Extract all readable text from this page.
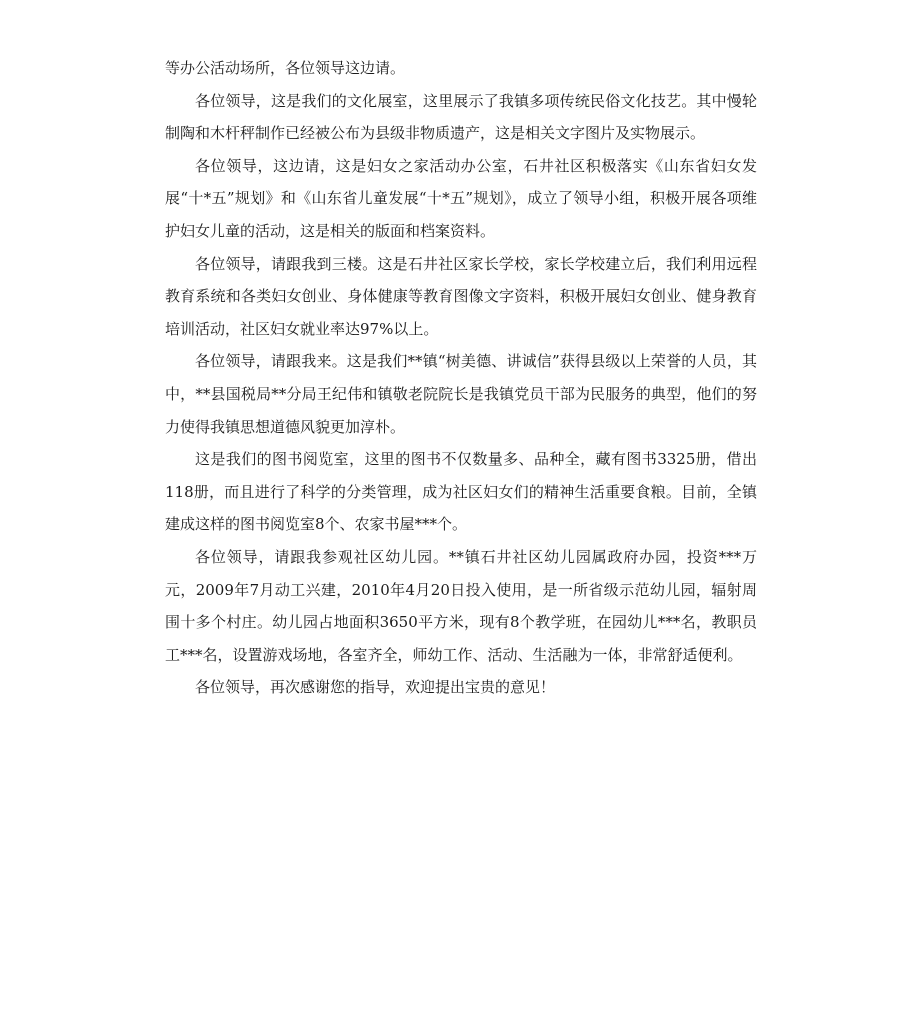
等办公活动场所，各位领导这边请。

各位领导，这是我们的文化展室，这里展示了我镇多项传统民俗文化技艺。其中慢轮制陶和木杆秤制作已经被公布为县级非物质遗产，这是相关文字图片及实物展示。

各位领导，这边请，这是妇女之家活动办公室，石井社区积极落实《山东省妇女发展“十*五”规划》和《山东省儿童发展“十*五”规划》，成立了领导小组，积极开展各项维护妇女儿童的活动，这是相关的版面和档案资料。

各位领导，请跟我到三楼。这是石井社区家长学校，家长学校建立后，我们利用远程教育系统和各类妇女创业、身体健康等教育图像文字资料，积极开展妇女创业、健身教育培训活动，社区妇女就业率达97%以上。

各位领导，请跟我来。这是我们**镇“树美德、讲诚信”获得县级以上荣誉的人员，其中，**县国税局**分局王纪伟和镇敬老院院长是我镇党员干部为民服务的典型，他们的努力使得我镇思想道德风貌更加淳朴。

这是我们的图书阅览室，这里的图书不仅数量多、品种全，藏有图书3325册，借出118册，而且进行了科学的分类管理，成为社区妇女们的精神生活重要食粮。目前，全镇建成这样的图书阅览室8个、农家书屋***个。

各位领导，请跟我参观社区幼儿园。**镇石井社区幼儿园属政府办园，投资***万元，2009年7月动工兴建，2010年4月20日投入使用，是一所省级示范幼儿园，辐射周围十多个村庄。幼儿园占地面积3650平方米，现有8个教学班，在园幼儿***名，教职员工***名，设置游戏场地，各室齐全，师幼工作、活动、生活融为一体，非常舒适便利。

各位领导，再次感谢您的指导，欢迎提出宝贵的意见！
